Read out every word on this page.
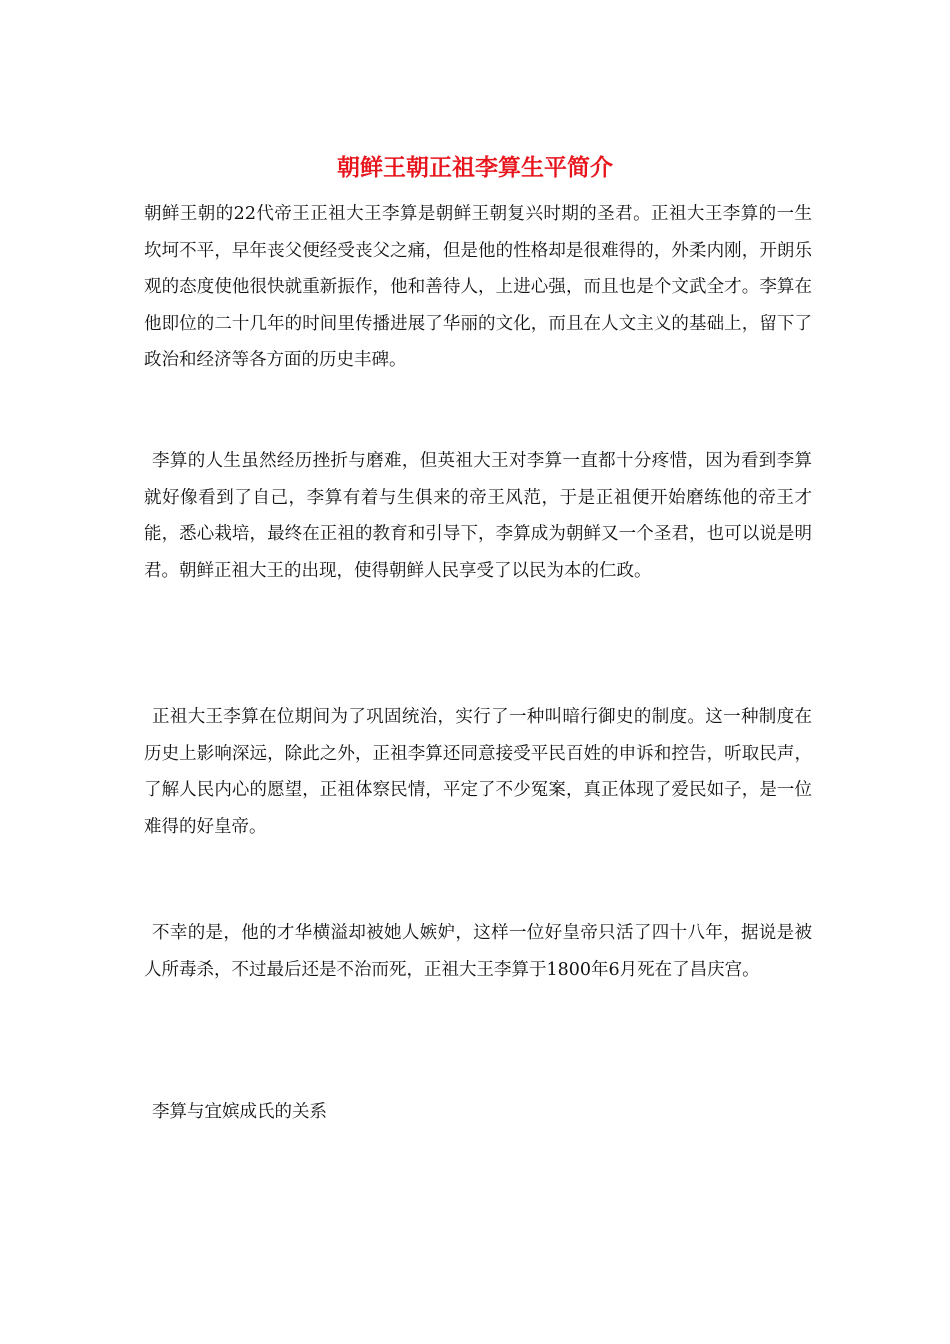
朝鲜王朝正祖李算生平简介

朝鲜王朝的22代帝王正祖大王李算是朝鲜王朝复兴时期的圣君。正祖大王李算的一生坎坷不平，早年丧父便经受丧父之痛，但是他的性格却是很难得的，外柔内刚，开朗乐观的态度使他很快就重新振作，他和善待人，上进心强，而且也是个文武全才。李算在他即位的二十几年的时间里传播进展了华丽的文化，而且在人文主义的基础上，留下了政治和经济等各方面的历史丰碑。

李算的人生虽然经历挫折与磨难，但英祖大王对李算一直都十分疼惜，因为看到李算就好像看到了自己，李算有着与生俱来的帝王风范，于是正祖便开始磨练他的帝王才能，悉心栽培，最终在正祖的教育和引导下，李算成为朝鲜又一个圣君，也可以说是明君。朝鲜正祖大王的出现，使得朝鲜人民享受了以民为本的仁政。

正祖大王李算在位期间为了巩固统治，实行了一种叫暗行御史的制度。这一种制度在历史上影响深远，除此之外，正祖李算还同意接受平民百姓的申诉和控告，听取民声，了解人民内心的愿望，正祖体察民情，平定了不少冤案，真正体现了爱民如子，是一位难得的好皇帝。

不幸的是，他的才华横溢却被她人嫉妒，这样一位好皇帝只活了四十八年，据说是被人所毒杀，不过最后还是不治而死，正祖大王李算于1800年6月死在了昌庆宫。

李算与宜嫔成氏的关系
